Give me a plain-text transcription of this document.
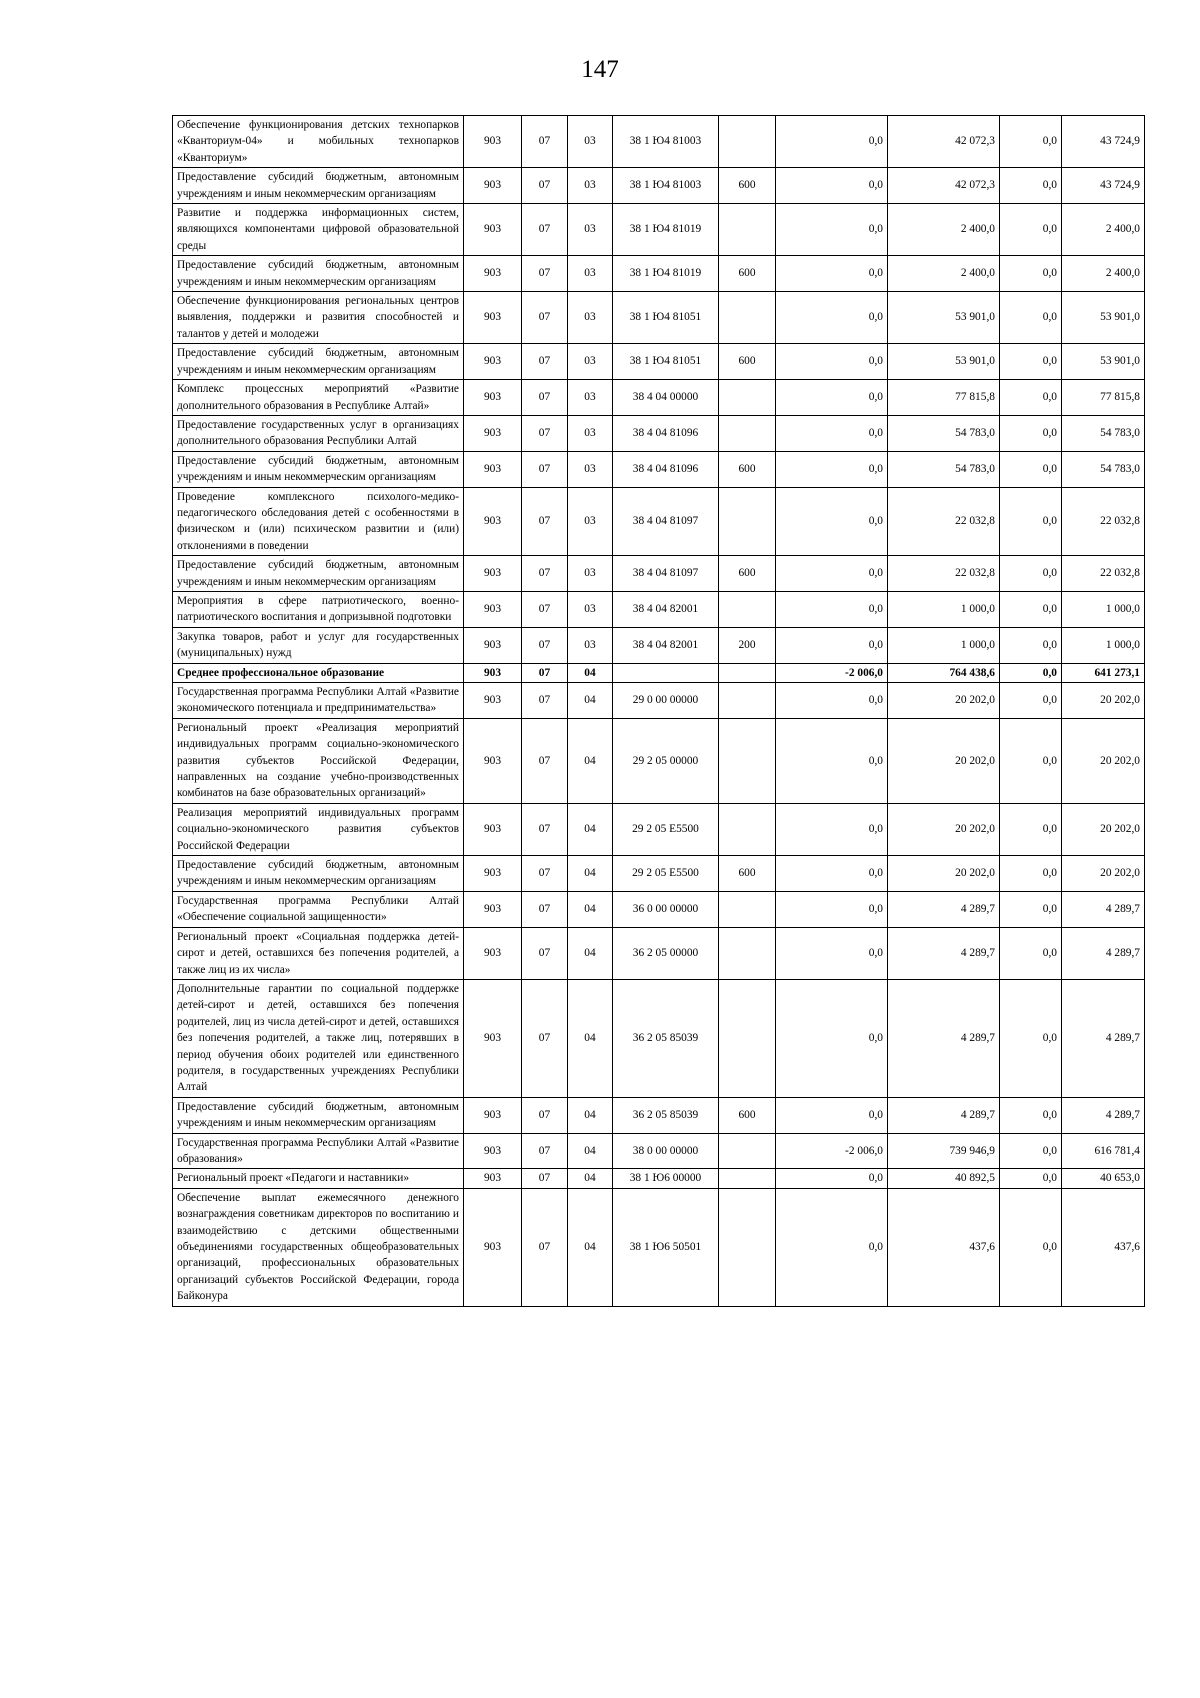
147
Обеспечение функционирования детских технопарков «Кванториум-04» и мобильных технопарков «Кванториум»	903	07	03	38 1 Ю4 81003		0,0	42 072,3	0,0	43 724,9
Предоставление субсидий бюджетным, автономным учреждениям и иным некоммерческим организациям	903	07	03	38 1 Ю4 81003	600	0,0	42 072,3	0,0	43 724,9
Развитие и поддержка информационных систем, являющихся компонентами цифровой образовательной среды	903	07	03	38 1 Ю4 81019		0,0	2 400,0	0,0	2 400,0
Предоставление субсидий бюджетным, автономным учреждениям и иным некоммерческим организациям	903	07	03	38 1 Ю4 81019	600	0,0	2 400,0	0,0	2 400,0
Обеспечение функционирования региональных центров выявления, поддержки и развития способностей и талантов у детей и молодежи	903	07	03	38 1 Ю4 81051		0,0	53 901,0	0,0	53 901,0
Предоставление субсидий бюджетным, автономным учреждениям и иным некоммерческим организациям	903	07	03	38 1 Ю4 81051	600	0,0	53 901,0	0,0	53 901,0
Комплекс процессных мероприятий «Развитие дополнительного образования в Республике Алтай»	903	07	03	38 4 04 00000		0,0	77 815,8	0,0	77 815,8
Предоставление государственных услуг в организациях дополнительного образования Республики Алтай	903	07	03	38 4 04 81096		0,0	54 783,0	0,0	54 783,0
Предоставление субсидий бюджетным, автономным учреждениям и иным некоммерческим организациям	903	07	03	38 4 04 81096	600	0,0	54 783,0	0,0	54 783,0
Проведение комплексного психолого-медико-педагогического обследования детей с особенностями в физическом и (или) психическом развитии и (или) отклонениями в поведении	903	07	03	38 4 04 81097		0,0	22 032,8	0,0	22 032,8
Предоставление субсидий бюджетным, автономным учреждениям и иным некоммерческим организациям	903	07	03	38 4 04 81097	600	0,0	22 032,8	0,0	22 032,8
Мероприятия в сфере патриотического, военно-патриотического воспитания и допризывной подготовки	903	07	03	38 4 04 82001		0,0	1 000,0	0,0	1 000,0
Закупка товаров, работ и услуг для государственных (муниципальных) нужд	903	07	03	38 4 04 82001	200	0,0	1 000,0	0,0	1 000,0
Среднее профессиональное образование	903	07	04			-2 006,0	764 438,6	0,0	641 273,1
Государственная программа Республики Алтай «Развитие экономического потенциала и предпринимательства»	903	07	04	29 0 00 00000		0,0	20 202,0	0,0	20 202,0
Региональный проект «Реализация мероприятий индивидуальных программ социально-экономического развития субъектов Российской Федерации, направленных на создание учебно-производственных комбинатов на базе образовательных организаций»	903	07	04	29 2 05 00000		0,0	20 202,0	0,0	20 202,0
Реализация мероприятий индивидуальных программ социально-экономического развития субъектов Российской Федерации	903	07	04	29 2 05 Е5500		0,0	20 202,0	0,0	20 202,0
Предоставление субсидий бюджетным, автономным учреждениям и иным некоммерческим организациям	903	07	04	29 2 05 Е5500	600	0,0	20 202,0	0,0	20 202,0
Государственная программа Республики Алтай «Обеспечение социальной защищенности»	903	07	04	36 0 00 00000		0,0	4 289,7	0,0	4 289,7
Региональный проект «Социальная поддержка детей-сирот и детей, оставшихся без попечения родителей, а также лиц из их числа»	903	07	04	36 2 05 00000		0,0	4 289,7	0,0	4 289,7
Дополнительные гарантии по социальной поддержке детей-сирот и детей, оставшихся без попечения родителей, лиц из числа детей-сирот и детей, оставшихся без попечения родителей, а также лиц, потерявших в период обучения обоих родителей или единственного родителя, в государственных учреждениях Республики Алтай	903	07	04	36 2 05 85039		0,0	4 289,7	0,0	4 289,7
Предоставление субсидий бюджетным, автономным учреждениям и иным некоммерческим организациям	903	07	04	36 2 05 85039	600	0,0	4 289,7	0,0	4 289,7
Государственная программа Республики Алтай «Развитие образования»	903	07	04	38 0 00 00000		-2 006,0	739 946,9	0,0	616 781,4
Региональный проект «Педагоги и наставники»	903	07	04	38 1 Ю6 00000		0,0	40 892,5	0,0	40 653,0
Обеспечение выплат ежемесячного денежного вознаграждения советникам директоров по воспитанию и взаимодействию с детскими общественными объединениями государственных общеобразовательных организаций, профессиональных образовательных организаций субъектов Российской Федерации, города Байконура	903	07	04	38 1 Ю6 50501		0,0	437,6	0,0	437,6
